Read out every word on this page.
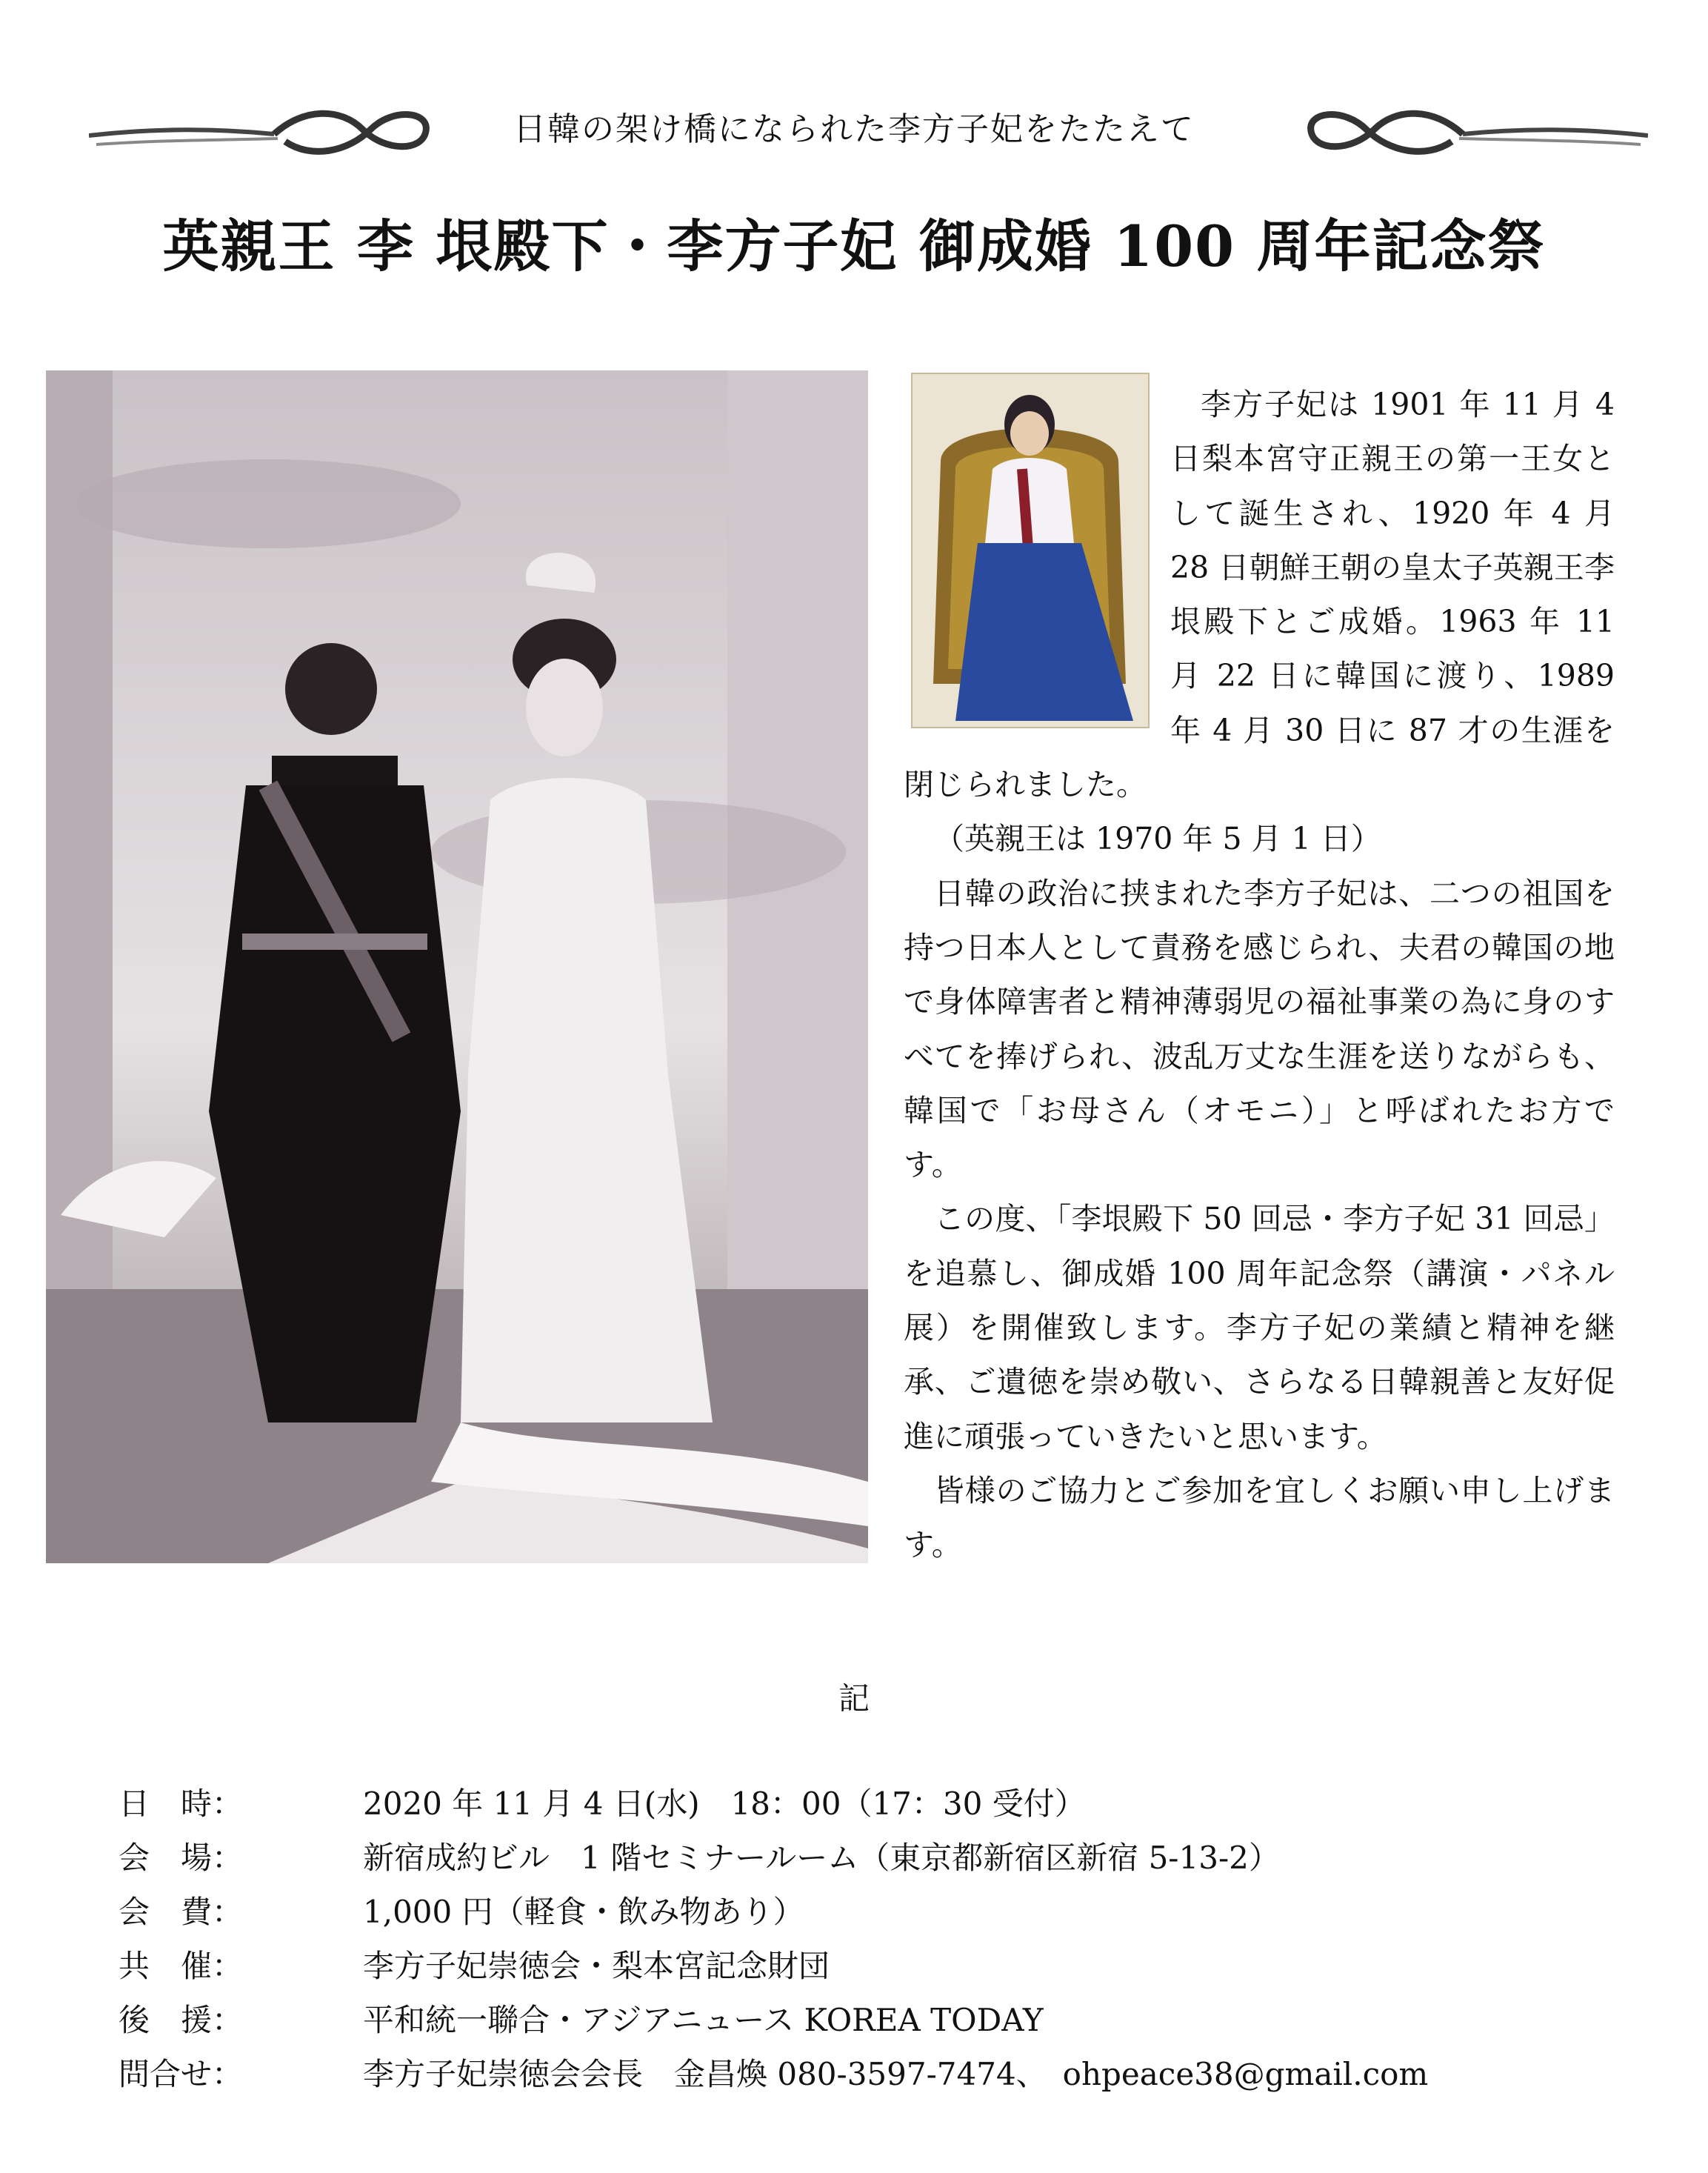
日韓の架け橋になられた李方子妃をたたえて
英親王 李 垠殿下・李方子妃 御成婚 100 周年記念祭

李方子妃は 1901 年 11 月 4 日梨本宮守正親王の第一王女として誕生され、1920 年 4 月 28 日朝鮮王朝の皇太子英親王李 垠殿下とご成婚。1963 年 11 月 22 日に韓国に渡り、1989 年 4 月 30 日に 87 才の生涯を閉じられました。

（英親王は 1970 年 5 月 1 日）

日韓の政治に挟まれた李方子妃は、二つの祖国を持つ日本人として責務を感じられ、夫君の韓国の地で身体障害者と精神薄弱児の福祉事業の為に身のすべてを捧げられ、波乱万丈な生涯を送りながらも、韓国で「お母さん（オモニ）」と呼ばれたお方です。

この度、「李垠殿下 50 回忌・李方子妃 31 回忌」を追慕し、御成婚 100 周年記念祭（講演・パネル展）を開催致します。李方子妃の業績と精神を継承、ご遺徳を崇め敬い、さらなる日韓親善と友好促進に頑張っていきたいと思います。

皆様のご協力とご参加を宜しくお願い申し上げます。

記
日　時：	2020 年 11 月 4 日(水)　18：00（17：30 受付）
会　場：	新宿成約ビル　1 階セミナールーム（東京都新宿区新宿 5-13-2）
会　費：	1,000 円（軽食・飲み物あり）
共　催：	李方子妃崇徳会・梨本宮記念財団
後　援：	平和統一聯合・アジアニュース KOREA TODAY
問合せ：	李方子妃崇徳会会長　金昌煥 080-3597-7474、　ohpeace38@gmail.com
